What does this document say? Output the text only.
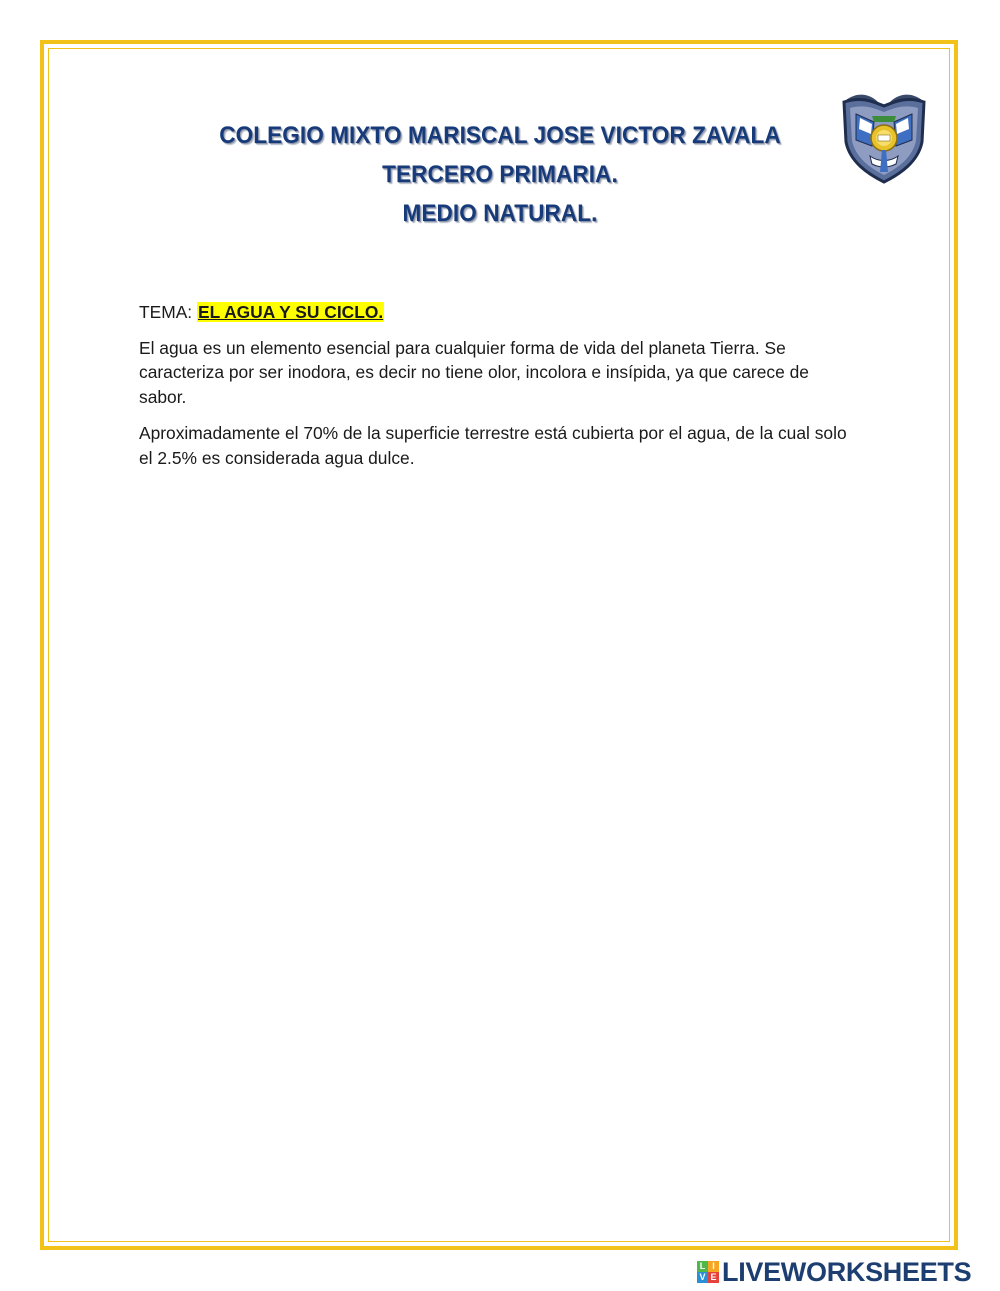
COLEGIO MIXTO MARISCAL JOSE VICTOR ZAVALA
TERCERO PRIMARIA.
MEDIO NATURAL.

TEMA: EL AGUA Y SU CICLO.

El agua es un elemento esencial para cualquier forma de vida del planeta Tierra. Se caracteriza por ser inodora, es decir no tiene olor, incolora e insípida, ya que carece de sabor.

Aproximadamente el 70% de la superficie terrestre está cubierta por el agua, de la cual solo el 2.5% es considerada agua dulce.

L I
V E LIVEWORKSHEETS
